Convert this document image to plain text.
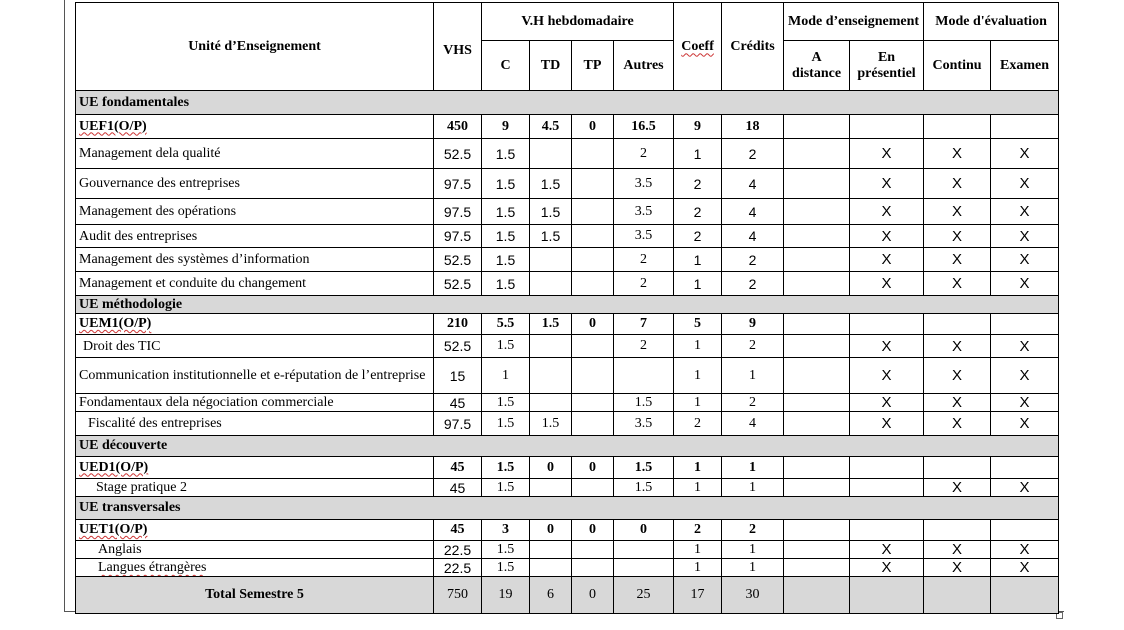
Unité d’Enseignement	VHS	V.H hebdomadaire				Coeff	Crédits	Mode d’enseignement		Mode d'évaluation	
		C	TD	TP	Autres			A distance	En présentiel	Continu	Examen
UE fondamentales											
UEF1(O/P)	450	9	4.5	0	16.5	9	18				
Management dela qualité	52.5	1.5			2	1	2		X	X	X
Gouvernance des entreprises	97.5	1.5	1.5		3.5	2	4		X	X	X
Management des opérations	97.5	1.5	1.5		3.5	2	4		X	X	X
Audit des entreprises	97.5	1.5	1.5		3.5	2	4		X	X	X
Management des systèmes d’information	52.5	1.5			2	1	2		X	X	X
Management et conduite du changement	52.5	1.5			2	1	2		X	X	X
UE méthodologie											
UEM1(O/P)	210	5.5	1.5	0	7	5	9				
Droit des TIC	52.5	1.5			2	1	2		X	X	X
Communication institutionnelle et e-réputation de l’entreprise	15	1				1	1		X	X	X
Fondamentaux dela négociation commerciale	45	1.5			1.5	1	2		X	X	X
Fiscalité des entreprises	97.5	1.5	1.5		3.5	2	4		X	X	X
UE découverte											
UED1(O/P)	45	1.5	0	0	1.5	1	1				
Stage pratique 2	45	1.5			1.5	1	1			X	X
UE transversales											
UET1(O/P)	45	3	0	0	0	2	2				
Anglais	22.5	1.5				1	1		X	X	X
Langues étrangères	22.5	1.5				1	1		X	X	X
Total Semestre 5	750	19	6	0	25	17	30				
